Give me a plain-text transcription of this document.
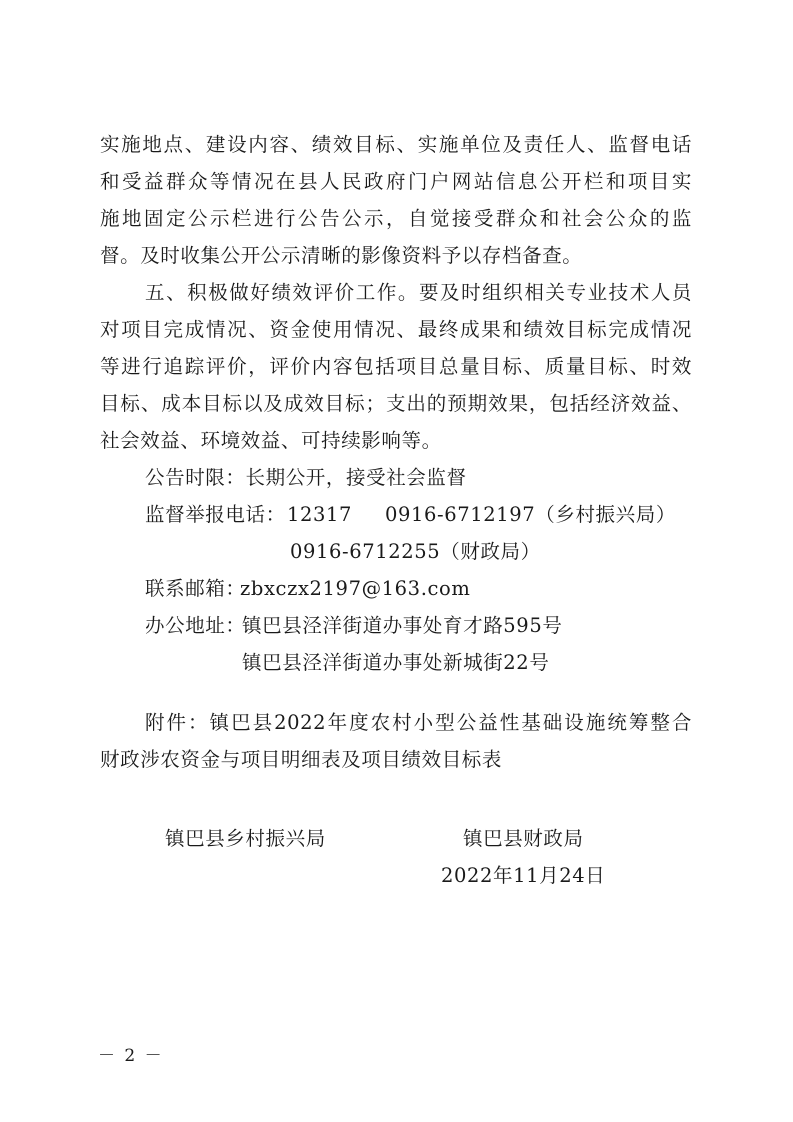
实施地点、建设内容、绩效目标、实施单位及责任人、监督电话
和受益群众等情况在县人民政府门户网站信息公开栏和项目实
施地固定公示栏进行公告公示，自觉接受群众和社会公众的监
督。及时收集公开公示清晰的影像资料予以存档备查。
五、积极做好绩效评价工作。要及时组织相关专业技术人员
对项目完成情况、资金使用情况、最终成果和绩效目标完成情况
等进行追踪评价，评价内容包括项目总量目标、质量目标、时效
目标、成本目标以及成效目标；支出的预期效果，包括经济效益、
社会效益、环境效益、可持续影响等。
公告时限：长期公开，接受社会监督
监督举报电话： 12317 0916-6712197（乡村振兴局）
0916-6712255（财政局）
联系邮箱：
zbxczx2197@163.com
办公地址：
镇巴县泾洋街道办事处育才路595号
镇巴县泾洋街道办事处新城街22号
附件：镇巴县2022年度农村小型公益性基础设施统筹整合
财政涉农资金与项目明细表及项目绩效目标表
镇巴县乡村振兴局	镇巴县财政局
2022年11月24日
－ 2 －
